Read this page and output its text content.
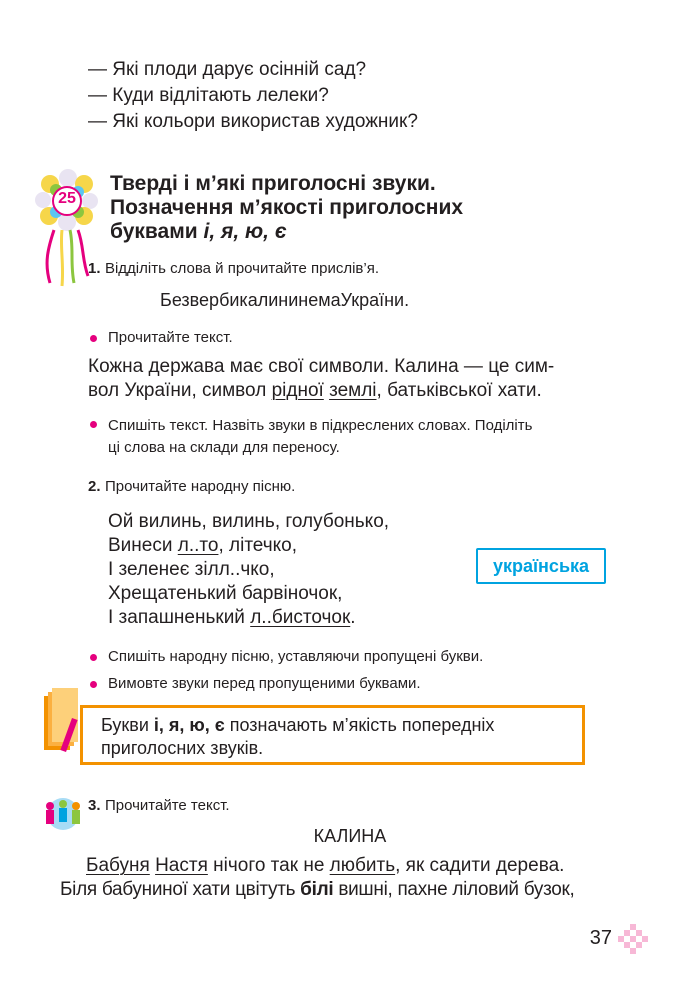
— Які плоди дарує осінній сад?
— Куди відлітають лелеки?
— Які кольори використав художник?
25
Тверді і м’які приголосні звуки.
Позначення м’якості приголосних
буквами і, я, ю, є
1. Відділіть слова й прочитайте прислів’я.
БезвербикалининемаУкраїни.
Прочитайте текст.
Кожна держава має свої символи. Калина — це сим-
вол України, символ рідної землі, батьківської хати.
Спишіть текст. Назвіть звуки в підкреслених словах. Поділіть
ці слова на склади для переносу.
2. Прочитайте народну пісню.
Ой вилинь, вилинь, голубонько,
Винеси л..то, літечко,
І зеленеє зілл..чко,
Хрещатенький барвіночок,
І запашненький л..бисточок.
українська
Спишіть народну пісню, уставляючи пропущені букви.
Вимовте звуки перед пропущеними буквами.
Букви і, я, ю, є позначають м’якість попередніх
приголосних звуків.
3. Прочитайте текст.
КАЛИНА
Бабуня Настя нічого так не любить, як садити дерева.
Біля бабуниної хати цвітуть білі вишні, пахне ліловий бузок,
37
